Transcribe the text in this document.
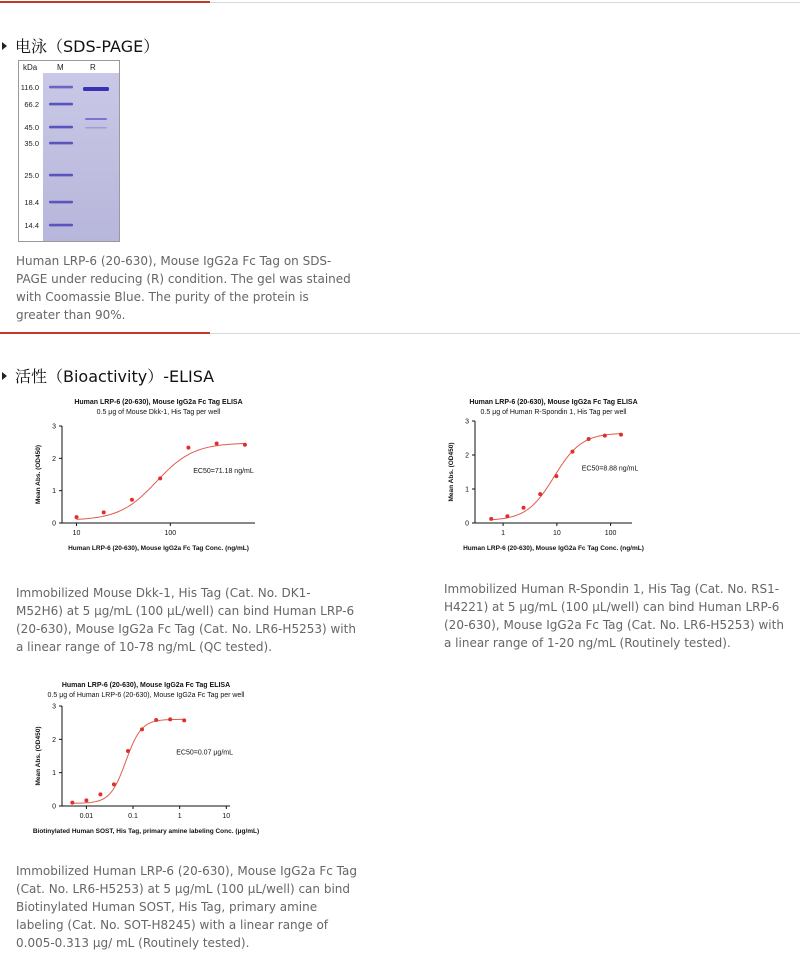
电泳（SDS-PAGE）
kDa M	R
116.0
66.2
45.0
35.0
25.0
18.4
14.4
Human LRP-6 (20-630), Mouse IgG2a Fc Tag on SDS-PAGE under reducing (R) condition. The gel was stained with Coomassie Blue. The purity of the protein is greater than 90%.
活性（Bioactivity）-ELISA
Human LRP-6 (20-630), Mouse IgG2a Fc Tag ELISA
0.5 μg of Mouse Dkk-1, His Tag per well
0
1
2
3
10	100
Human LRP-6 (20-630), Mouse IgG2a Fc Tag Conc. (ng/mL)
Mean Abs. (OD450)	EC50=71.18 ng/mL
Human LRP-6 (20-630), Mouse IgG2a Fc Tag ELISA
0.5 μg of Human R-Spondin 1, His Tag per well
0
1
2
3
1	10	100
Human LRP-6 (20-630), Mouse IgG2a Fc Tag Conc. (ng/mL)
Mean Abs. (OD450)	EC50=8.88 ng/mL
Human LRP-6 (20-630), Mouse IgG2a Fc Tag ELISA
0.5 μg of Human LRP-6 (20-630), Mouse IgG2a Fc Tag per well
0
1
2
3
0.01	0.1	1	10
Biotinylated Human SOST, His Tag, primary amine labeling Conc. (μg/mL)
Mean Abs. (OD450)	EC50=0.07 μg/mL
Immobilized Mouse Dkk-1, His Tag (Cat. No. DK1-M52H6) at 5 μg/mL (100 μL/well) can bind Human LRP-6 (20-630), Mouse IgG2a Fc Tag (Cat. No. LR6-H5253) with a linear range of 10-78 ng/mL (QC tested).
Immobilized Human R-Spondin 1, His Tag (Cat. No. RS1-H4221) at 5 μg/mL (100 μL/well) can bind Human LRP-6 (20-630), Mouse IgG2a Fc Tag (Cat. No. LR6-H5253) with a linear range of 1-20 ng/mL (Routinely tested).
Immobilized Human LRP-6 (20-630), Mouse IgG2a Fc Tag (Cat. No. LR6-H5253) at 5 μg/mL (100 μL/well) can bind Biotinylated Human SOST, His Tag, primary amine labeling (Cat. No. SOT-H8245) with a linear range of 0.005-0.313 μg/ mL (Routinely tested).
